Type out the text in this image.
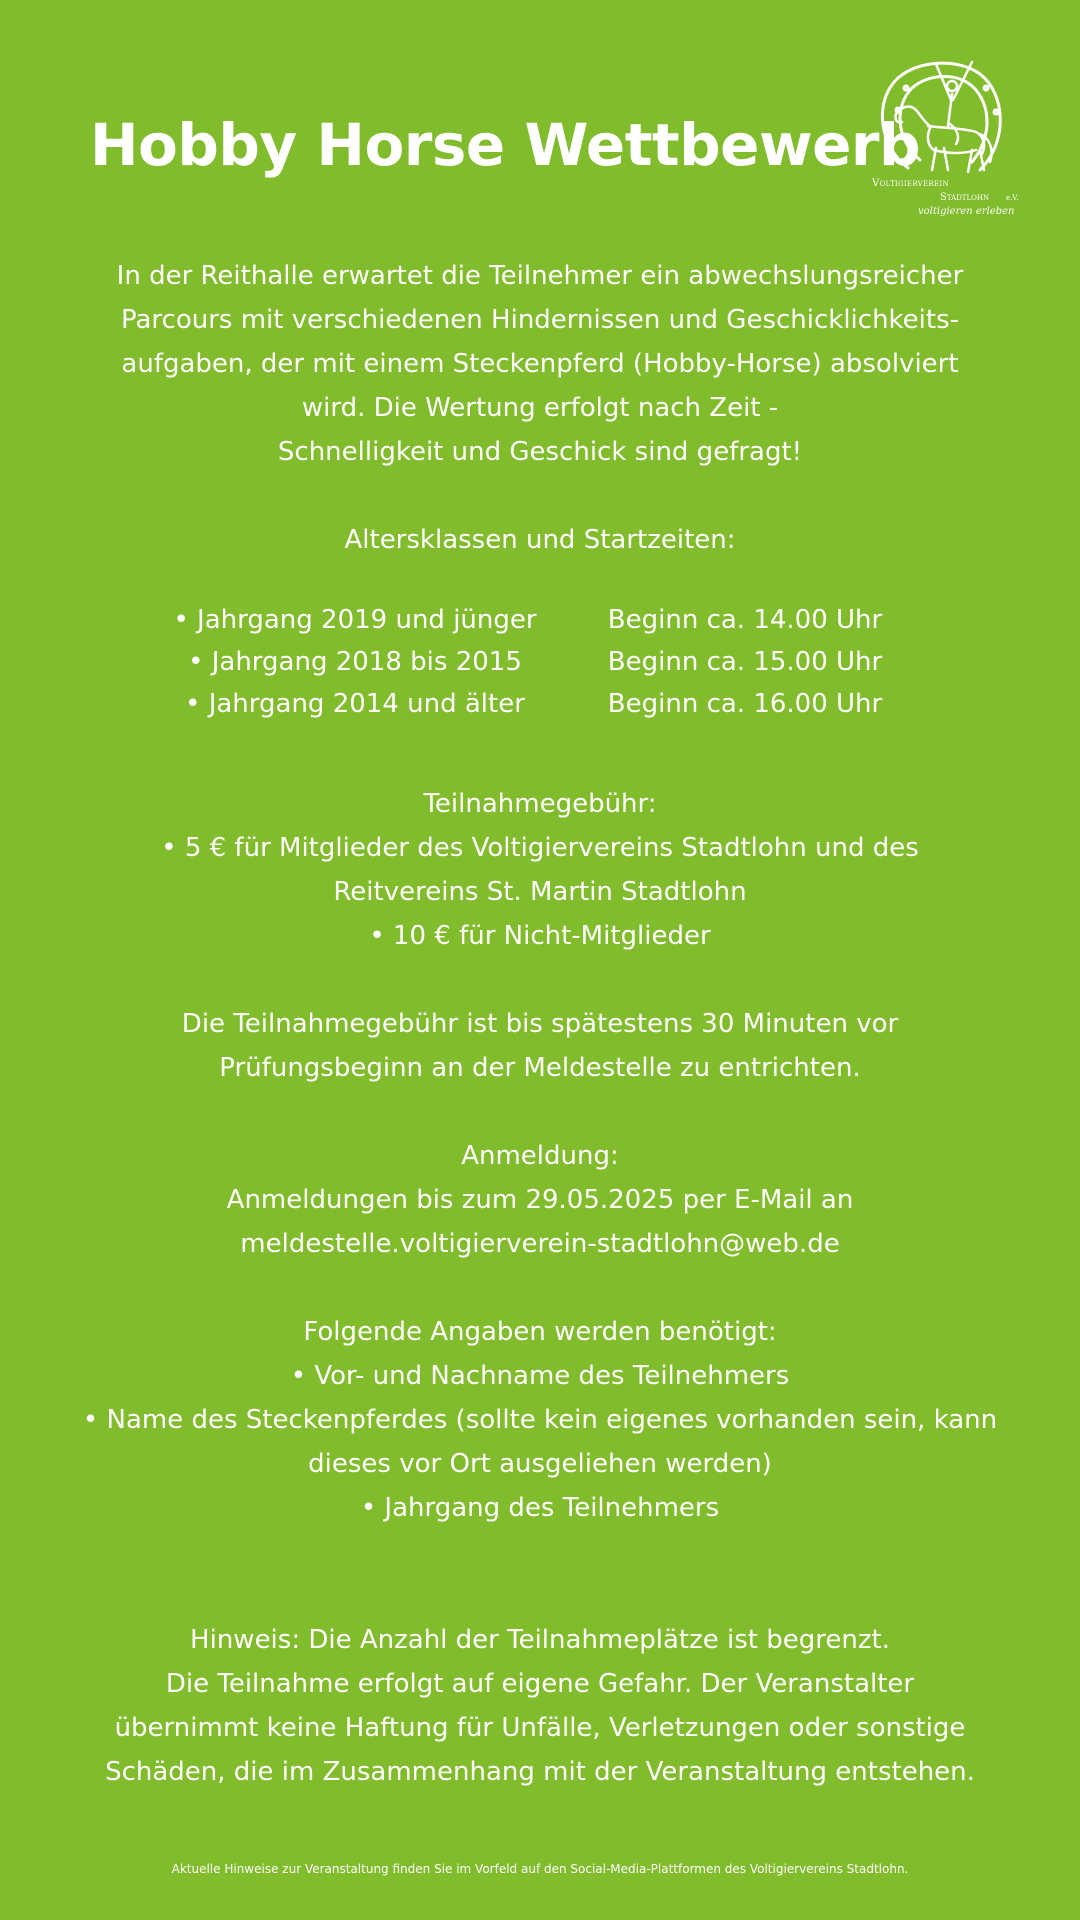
Hobby Horse Wettbewerb
Voltigierverein
Stadtlohn e.V.
voltigieren erleben
In der Reithalle erwartet die Teilnehmer ein abwechslungsreicher
Parcours mit verschiedenen Hindernissen und Geschicklichkeits-
aufgaben, der mit einem Steckenpferd (Hobby-Horse) absolviert
wird. Die Wertung erfolgt nach Zeit -
Schnelligkeit und Geschick sind gefragt!
Altersklassen und Startzeiten:
• Jahrgang 2019 und jünger	Beginn ca. 14.00 Uhr
• Jahrgang 2018 bis 2015	Beginn ca. 15.00 Uhr
• Jahrgang 2014 und älter	Beginn ca. 16.00 Uhr
Teilnahmegebühr:
• 5 € für Mitglieder des Voltigiervereins Stadtlohn und des
Reitvereins St. Martin Stadtlohn
• 10 € für Nicht-Mitglieder
Die Teilnahmegebühr ist bis spätestens 30 Minuten vor
Prüfungsbeginn an der Meldestelle zu entrichten.
Anmeldung:
Anmeldungen bis zum 29.05.2025 per E-Mail an
meldestelle.voltigierverein-stadtlohn@web.de
Folgende Angaben werden benötigt:
• Vor- und Nachname des Teilnehmers
• Name des Steckenpferdes (sollte kein eigenes vorhanden sein, kann
dieses vor Ort ausgeliehen werden)
• Jahrgang des Teilnehmers
Hinweis: Die Anzahl der Teilnahmeplätze ist begrenzt.
Die Teilnahme erfolgt auf eigene Gefahr. Der Veranstalter
übernimmt keine Haftung für Unfälle, Verletzungen oder sonstige
Schäden, die im Zusammenhang mit der Veranstaltung entstehen.
Aktuelle Hinweise zur Veranstaltung finden Sie im Vorfeld auf den Social-Media-Plattformen des Voltigiervereins Stadtlohn.
